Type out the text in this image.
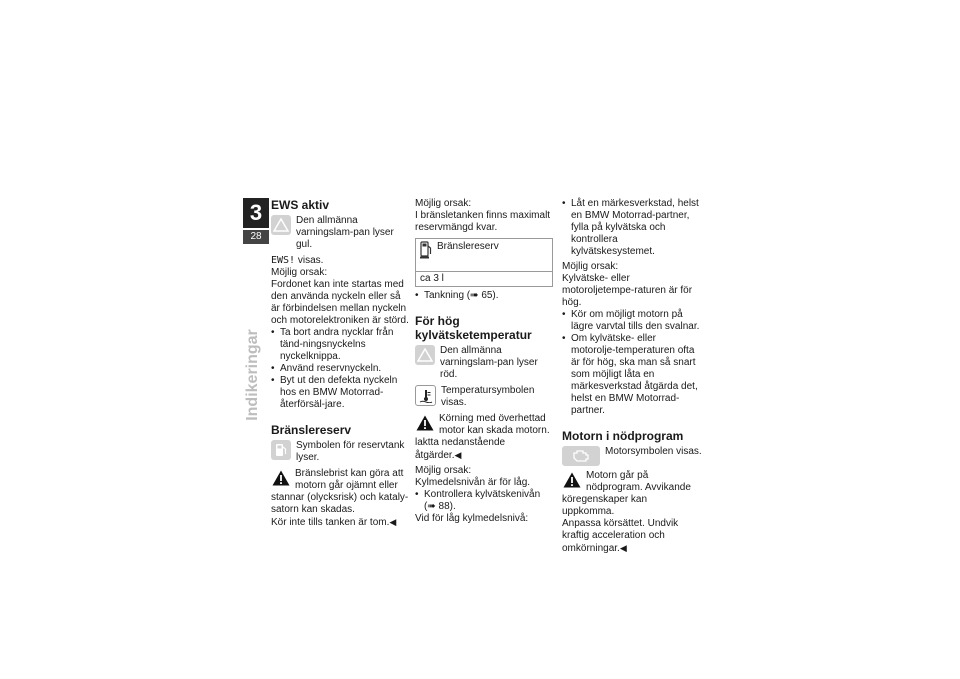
3
28
Indikeringar
EWS aktiv
Den allmänna varningslam-pan lyser gul.

EWS! visas.

Möjlig orsak:

Fordonet kan inte startas med den använda nyckeln eller så är förbindelsen mellan nyckeln och motorelektroniken är störd.

• Ta bort andra nycklar från tänd-ningsnyckelns nyckelknippa.
• Använd reservnyckeln.
• Byt ut den defekta nyckeln hos en BMW Motorrad-återförsäl-jare.
Bränslereserv
Symbolen för reservtank lyser.
Bränslebrist kan göra att motorn går ojämnt eller stannar (olycksrisk) och kataly-satorn kan skadas.

Kör inte tills tanken är tom.◀

Möjlig orsak:

I bränsletanken finns maximalt reservmängd kvar.

Bränslereserv
ca 3 l
• Tankning (➠ 65).
För hög kylvätsketemperatur
Den allmänna varningslam-pan lyser röd.
Temperatursymbolen visas.
Körning med överhettad motor kan skada motorn.

laktta nedanstående åtgärder.◀

Möjlig orsak:

Kylmedelsnivån är för låg.

• Kontrollera kylvätskenivån
(➠ 88).

Vid för låg kylmedelsnivå:

• Låt en märkesverkstad, helst en BMW Motorrad-partner, fylla på kylvätska och kontrollera kylvätskesystemet.

Möjlig orsak:

Kylvätske- eller motoroljetempe-raturen är för hög.

• Kör om möjligt motorn på lägre varvtal tills den svalnar.
• Om kylvätske- eller motorolje-temperaturen ofta är för hög, ska man så snart som möjligt låta en märkesverkstad åtgärda det, helst en BMW Motorrad-partner.
Motorn i nödprogram
Motorsymbolen visas.
Motorn går på nödprogram. Avvikande köregenskaper kan uppkomma.

Anpassa körsättet. Undvik kraftig acceleration och omkörningar.◀
